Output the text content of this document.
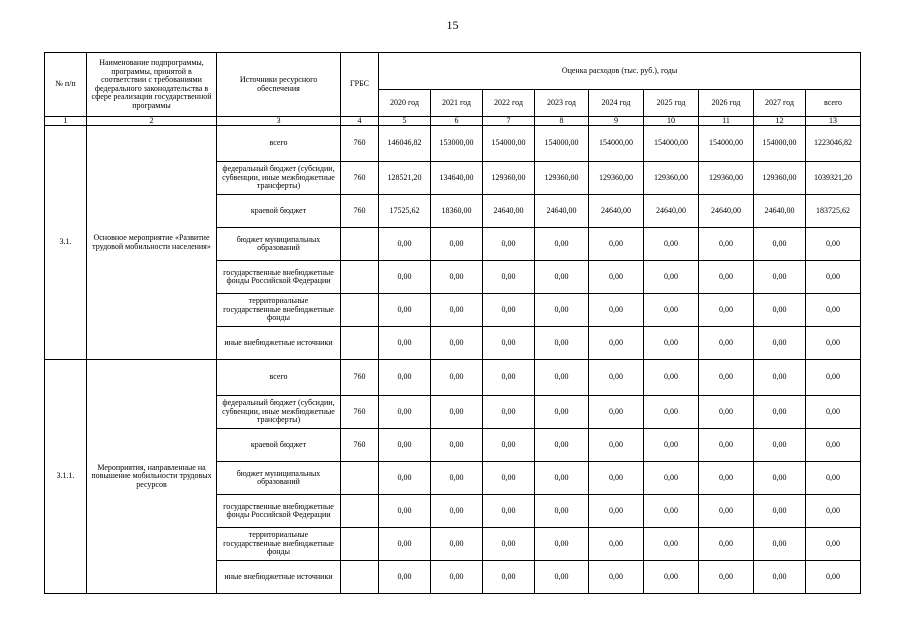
15
№ п/п	Наименование подпрограммы, программы, принятой в соответствии с требованиями федерального законодательства в сфере реализации государственной программы	Источники ресурсного обеспечения	ГРБС	Оценка расходов (тыс. руб.), годы								
				2020 год	2021 год	2022 год	2023 год	2024 год	2025 год	2026 год	2027 год	всего
1	2	3	4	5	6	7	8	9	10	11	12	13
3.1.	Основное мероприятие «Развитие трудовой мобильности населения»	всего	760	146046,82	153000,00	154000,00	154000,00	154000,00	154000,00	154000,00	154000,00	1223046,82
		федеральный бюджет (субсидии, субвенции, иные межбюджетные трансферты)	760	128521,20	134640,00	129360,00	129360,00	129360,00	129360,00	129360,00	129360,00	1039321,20
		краевой бюджет	760	17525,62	18360,00	24640,00	24640,00	24640,00	24640,00	24640,00	24640,00	183725,62
		бюджет муниципальных образований		0,00	0,00	0,00	0,00	0,00	0,00	0,00	0,00	0,00
		государственные внебюджетные фонды Российской Федерации		0,00	0,00	0,00	0,00	0,00	0,00	0,00	0,00	0,00
		территориальные государственные внебюджетные фонды		0,00	0,00	0,00	0,00	0,00	0,00	0,00	0,00	0,00
		иные внебюджетные источники		0,00	0,00	0,00	0,00	0,00	0,00	0,00	0,00	0,00
3.1.1.	Мероприятия, направленные на повышение мобильности трудовых ресурсов	всего	760	0,00	0,00	0,00	0,00	0,00	0,00	0,00	0,00	0,00
		федеральный бюджет (субсидии, субвенции, иные межбюджетные трансферты)	760	0,00	0,00	0,00	0,00	0,00	0,00	0,00	0,00	0,00
		краевой бюджет	760	0,00	0,00	0,00	0,00	0,00	0,00	0,00	0,00	0,00
		бюджет муниципальных образований		0,00	0,00	0,00	0,00	0,00	0,00	0,00	0,00	0,00
		государственные внебюджетные фонды Российской Федерации		0,00	0,00	0,00	0,00	0,00	0,00	0,00	0,00	0,00
		территориальные государственные внебюджетные фонды		0,00	0,00	0,00	0,00	0,00	0,00	0,00	0,00	0,00
		иные внебюджетные источники		0,00	0,00	0,00	0,00	0,00	0,00	0,00	0,00	0,00
